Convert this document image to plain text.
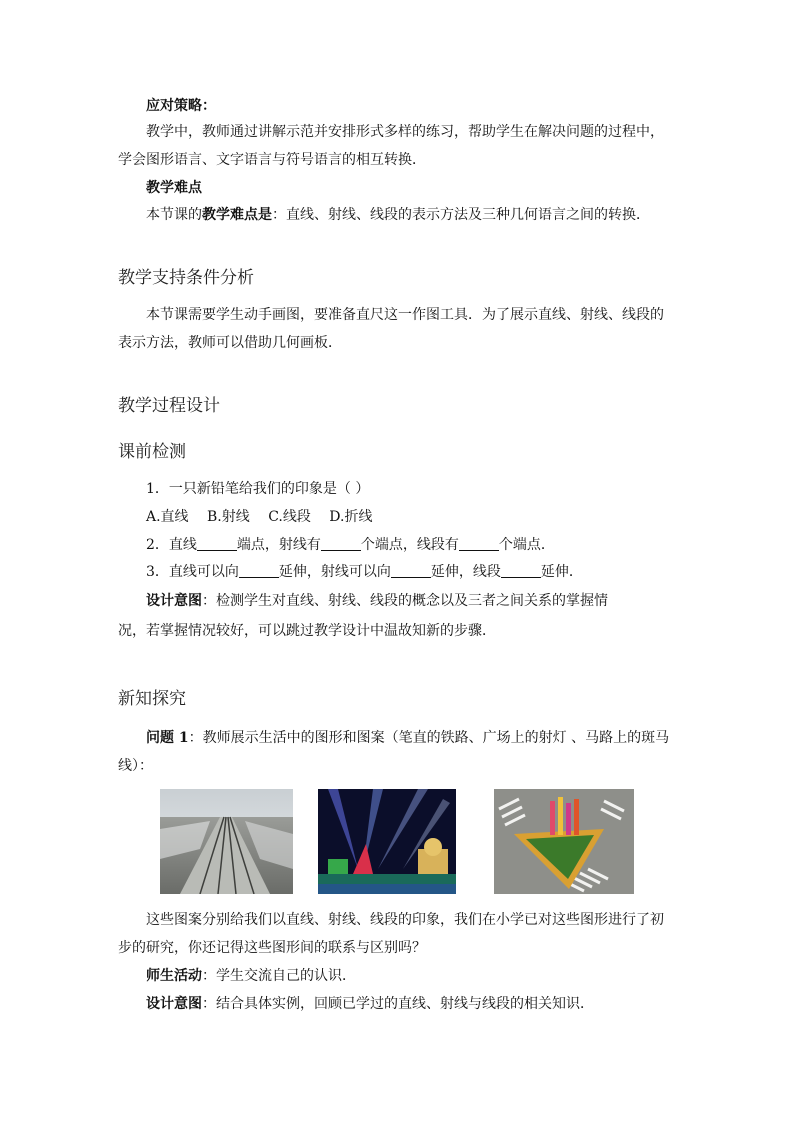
应对策略：
教学中，教师通过讲解示范并安排形式多样的练习，帮助学生在解决问题的过程中，
学会图形语言、文字语言与符号语言的相互转换．
教学难点
本节课的教学难点是：直线、射线、线段的表示方法及三种几何语言之间的转换．
教学支持条件分析
本节课需要学生动手画图，要准备直尺这一作图工具．为了展示直线、射线、线段的
表示方法，教师可以借助几何画板．
教学过程设计
课前检测
1．一只新铅笔给我们的印象是（ ）
A.直线　 B.射线　 C.线段　 D.折线
2．直线	端点，射线有	个端点，线段有	个端点．
3．直线可以向	延伸，射线可以向	延伸，线段	延伸．
设计意图：检测学生对直线、射线、线段的概念以及三者之间关系的掌握情
况，若掌握情况较好，可以跳过教学设计中温故知新的步骤．
新知探究
问题 1：教师展示生活中的图形和图案（笔直的铁路、广场上的射灯 、马路上的斑马
线）：
这些图案分别给我们以直线、射线、线段的印象，我们在小学已对这些图形进行了初
步的研究，你还记得这些图形间的联系与区别吗？
师生活动：学生交流自己的认识．
设计意图：结合具体实例，回顾已学过的直线、射线与线段的相关知识．
